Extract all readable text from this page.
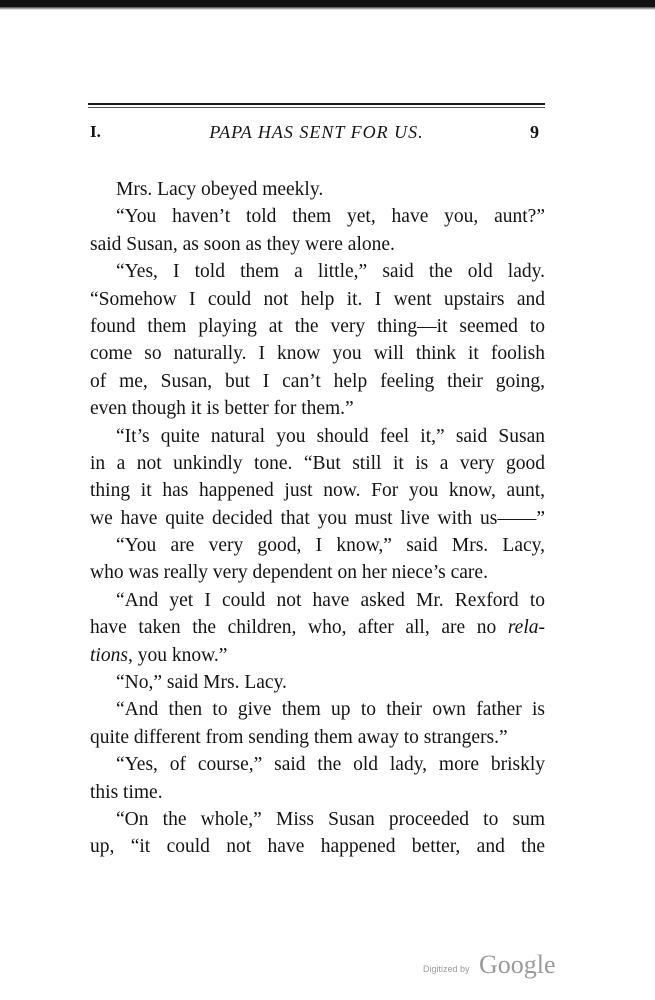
I.	PAPA HAS SENT FOR US.	9
Mrs. Lacy obeyed meekly.
“You haven’t told them yet, have you, aunt?”
said Susan, as soon as they were alone.
“Yes, I told them a little,” said the old lady.
“Somehow I could not help it. I went upstairs and
found them playing at the very thing—it seemed to
come so naturally. I know you will think it foolish
of me, Susan, but I can’t help feeling their going,
even though it is better for them.”
“It’s quite natural you should feel it,” said Susan
in a not unkindly tone. “But still it is a very good
thing it has happened just now. For you know, aunt,
we have quite decided that you must live with us——”
“You are very good, I know,” said Mrs. Lacy,
who was really very dependent on her niece’s care.
“And yet I could not have asked Mr. Rexford to
have taken the children, who, after all, are no rela-
tions, you know.”
“No,” said Mrs. Lacy.
“And then to give them up to their own father is
quite different from sending them away to strangers.”
“Yes, of course,” said the old lady, more briskly
this time.
“On the whole,” Miss Susan proceeded to sum
up, “it could not have happened better, and the
Digitized by Google
